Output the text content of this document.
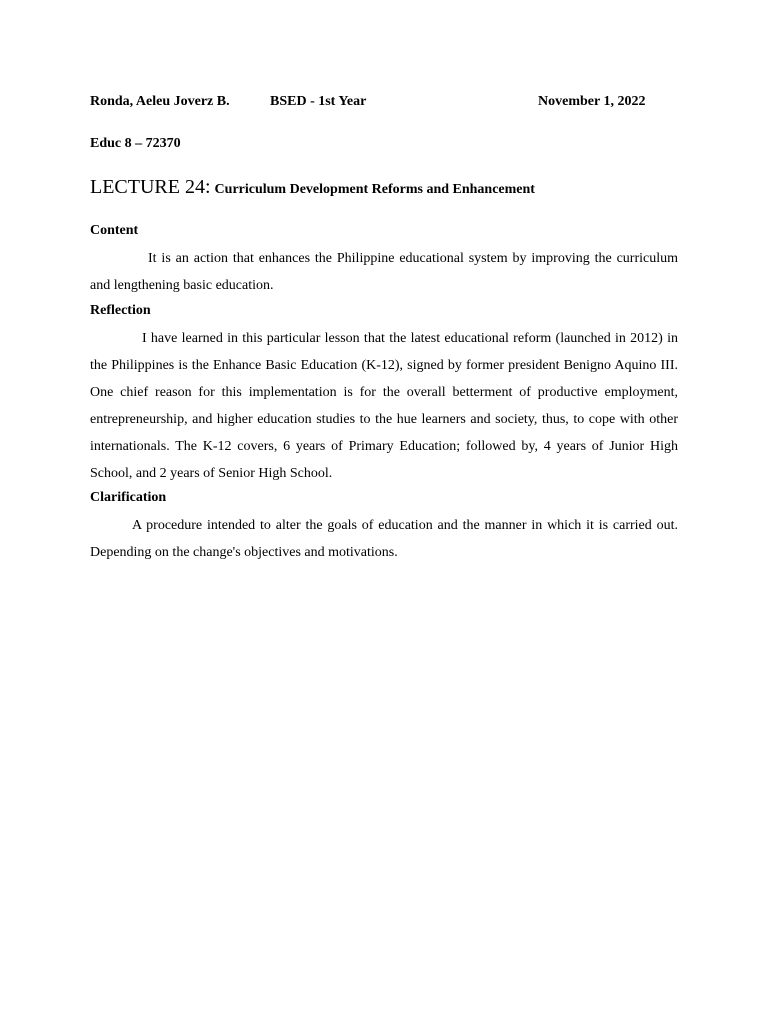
Ronda, Aeleu Joverz B.	BSED - 1st Year	November 1, 2022
Educ 8 – 72370
LECTURE 24: Curriculum Development Reforms and Enhancement
Content

It is an action that enhances the Philippine educational system by improving the curriculum and lengthening basic education.

Reflection

I have learned in this particular lesson that the latest educational reform (launched in 2012) in the Philippines is the Enhance Basic Education (K-12), signed by former president Benigno Aquino III. One chief reason for this implementation is for the overall betterment of productive employment, entrepreneurship, and higher education studies to the hue learners and society, thus, to cope with other internationals. The K-12 covers, 6 years of Primary Education; followed by, 4 years of Junior High School, and 2 years of Senior High School.

Clarification

A procedure intended to alter the goals of education and the manner in which it is carried out. Depending on the change's objectives and motivations.
